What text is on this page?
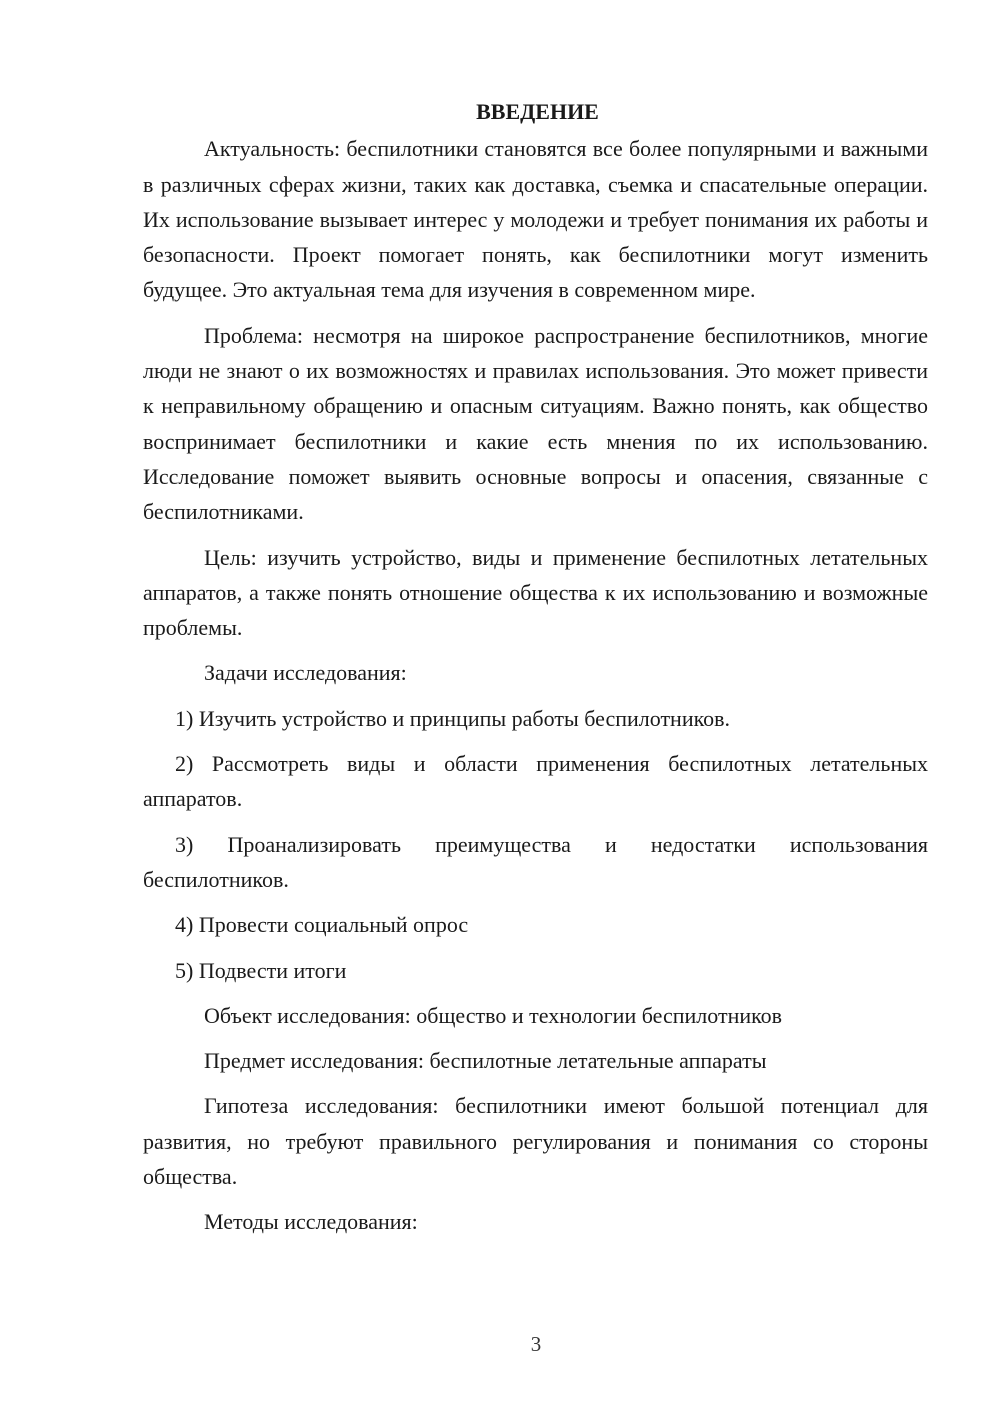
ВВЕДЕНИЕ

Актуальность: беспилотники становятся все более популярными и важными в различных сферах жизни, таких как доставка, съемка и спасательные операции. Их использование вызывает интерес у молодежи и требует понимания их работы и безопасности. Проект помогает понять, как беспилотники могут изменить будущее. Это актуальная тема для изучения в современном мире.

Проблема: несмотря на широкое распространение беспилотников, многие люди не знают о их возможностях и правилах использования. Это может привести к неправильному обращению и опасным ситуациям. Важно понять, как общество воспринимает беспилотники и какие есть мнения по их использованию. Исследование поможет выявить основные вопросы и опасения, связанные с беспилотниками.

Цель: изучить устройство, виды и применение беспилотных летательных аппаратов, а также понять отношение общества к их использованию и возможные проблемы.

Задачи исследования:

1) Изучить устройство и принципы работы беспилотников.

2) Рассмотреть виды и области применения беспилотных летательных аппаратов.

3) Проанализировать преимущества и недостатки использования беспилотников.

4) Провести социальный опрос

5) Подвести итоги

Объект исследования: общество и технологии беспилотников

Предмет исследования: беспилотные летательные аппараты

Гипотеза исследования: беспилотники имеют большой потенциал для развития, но требуют правильного регулирования и понимания со стороны общества.

Методы исследования:

3
